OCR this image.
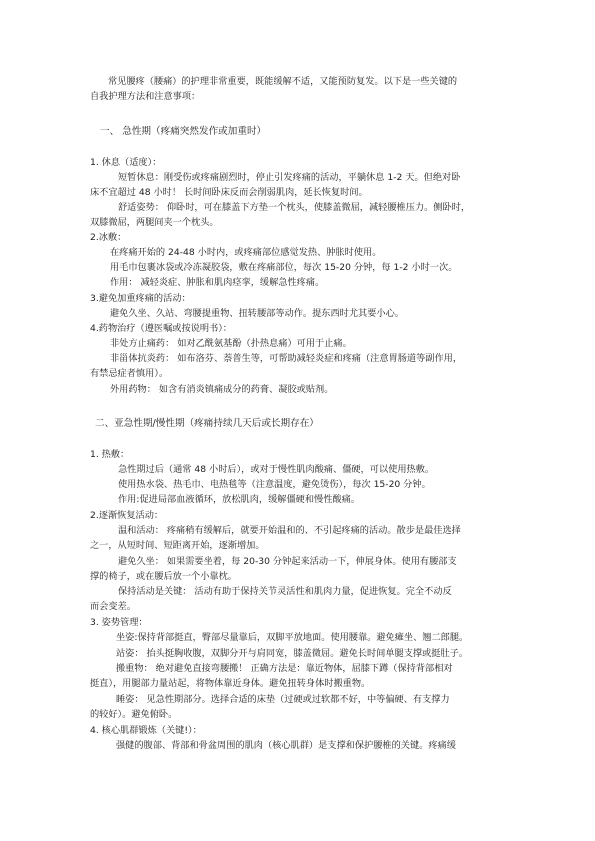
常见腰疼（腰痛）的护理非常重要，既能缓解不适，又能预防复发。以下是一些关键的
自我护理方法和注意事项：
一、 急性期（疼痛突然发作或加重时）
1. 休息（适度）：
短暂休息：刚受伤或疼痛剧烈时，停止引发疼痛的活动，平躺休息 1-2 天。但绝对卧
床不宜超过 48 小时！ 长时间卧床反而会削弱肌肉，延长恢复时间。
舒适姿势： 仰卧时，可在膝盖下方垫一个枕头，使膝盖微屈，减轻腰椎压力。侧卧时，
双膝微屈，两腿间夹一个枕头。
2.冰敷：
在疼痛开始的 24-48 小时内，或疼痛部位感觉发热、肿胀时使用。
用毛巾包裹冰袋或冷冻凝胶袋，敷在疼痛部位，每次 15-20 分钟，每 1-2 小时一次。
作用： 减轻炎症、肿胀和肌肉痉挛，缓解急性疼痛。
3.避免加重疼痛的活动：
避免久坐、久站、弯腰提重物、扭转腰部等动作。提东西时尤其要小心。
4.药物治疗（遵医嘱或按说明书）：
非处方止痛药： 如对乙酰氨基酚（扑热息痛）可用于止痛。
非甾体抗炎药： 如布洛芬、萘普生等，可帮助减轻炎症和疼痛（注意胃肠道等副作用，
有禁忌症者慎用）。
外用药物： 如含有消炎镇痛成分的药膏、凝胶或贴剂。
二、亚急性期/慢性期（疼痛持续几天后或长期存在）
1. 热敷：
急性期过后（通常 48 小时后），或对于慢性肌肉酸痛、僵硬，可以使用热敷。
使用热水袋、热毛巾、电热毯等（注意温度，避免烫伤），每次 15-20 分钟。
作用:促进局部血液循环，放松肌肉，缓解僵硬和慢性酸痛。
2.逐渐恢复活动：
温和活动： 疼痛稍有缓解后，就要开始温和的、不引起疼痛的活动。散步是最佳选择
之一，从短时间、短距离开始，逐渐增加。
避免久坐： 如果需要坐着，每 20-30 分钟起来活动一下，伸展身体。使用有腰部支
撑的椅子，或在腰后放一个小靠枕。
保持活动是关键： 活动有助于保持关节灵活性和肌肉力量，促进恢复。完全不动反
而会变差。
3. 姿势管理：
坐姿:保持背部挺直，臀部尽量靠后，双脚平放地面。使用腰靠。避免瘫坐、翘二郎腿。
站姿： 抬头挺胸收腹，双脚分开与肩同宽，膝盖微屈。避免长时间单腿支撑或挺肚子。
搬重物： 绝对避免直接弯腰搬！ 正确方法是：靠近物体，屈膝下蹲（保持背部相对
挺直），用腿部力量站起，将物体靠近身体。避免扭转身体时搬重物。
睡姿： 见急性期部分。选择合适的床垫（过硬或过软都不好，中等偏硬、有支撑力
的较好）。避免俯卧。
4. 核心肌群锻炼（关键!）：
强健的腹部、背部和骨盆周围的肌肉（核心肌群）是支撑和保护腰椎的关键。疼痛缓
